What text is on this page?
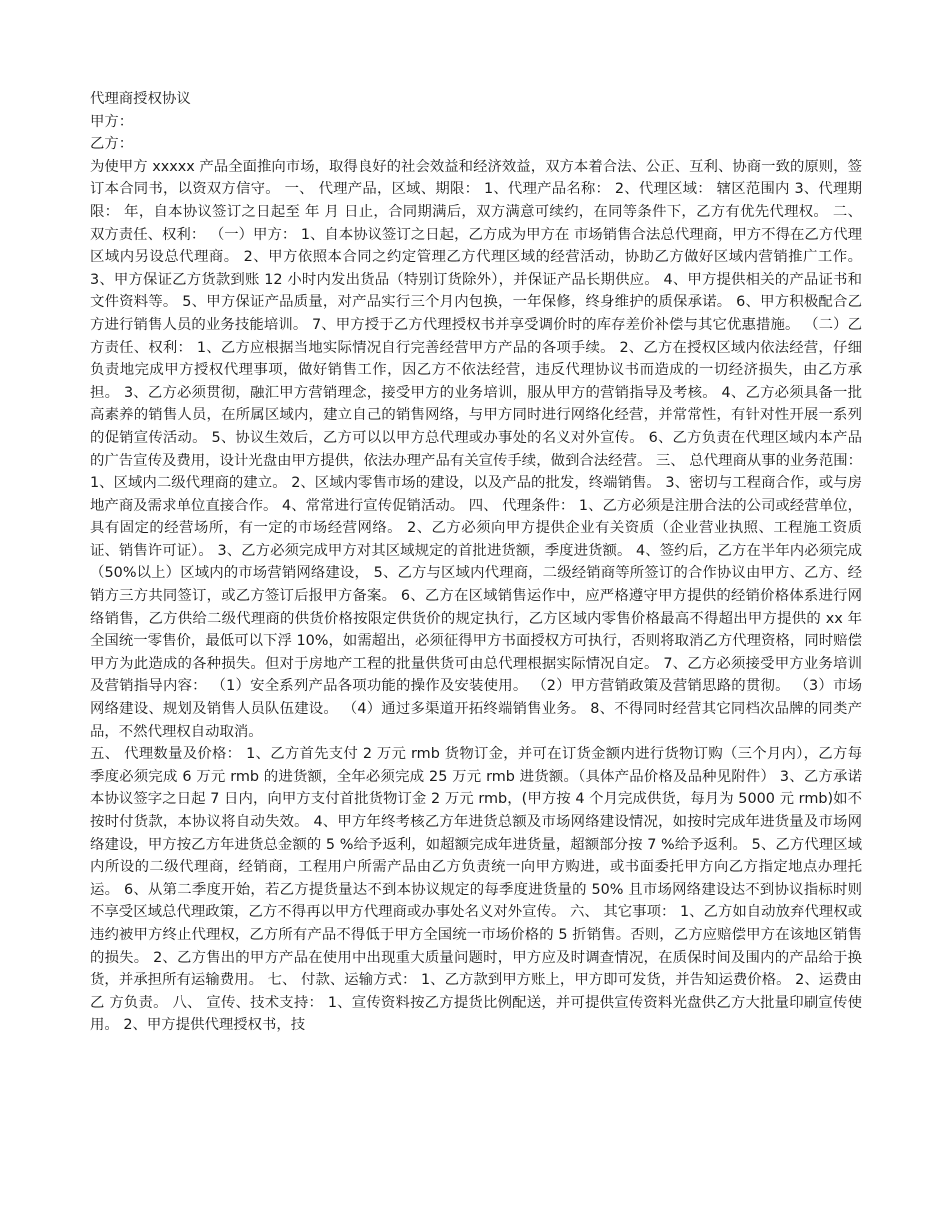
代理商授权协议
甲方：
乙方：
为使甲方 xxxxx 产品全面推向市场，取得良好的社会效益和经济效益，双方本着合法、公正、互利、协商一致的原则，签订本合同书，以资双方信守。 一、 代理产品，区域、期限： 1、代理产品名称： 2、代理区域： 辖区范围内 3、代理期限： 年，自本协议签订之日起至 年 月 日止，合同期满后，双方满意可续约，在同等条件下，乙方有优先代理权。 二、 双方责任、权利： （一）甲方： 1、自本协议签订之日起，乙方成为甲方在 市场销售合法总代理商，甲方不得在乙方代理区域内另设总代理商。 2、甲方依照本合同之约定管理乙方代理区域的经营活动，协助乙方做好区域内营销推广工作。 3、甲方保证乙方货款到账 12 小时内发出货品（特别订货除外），并保证产品长期供应。 4、甲方提供相关的产品证书和文件资料等。 5、甲方保证产品质量，对产品实行三个月内包换，一年保修，终身维护的质保承诺。 6、甲方积极配合乙方进行销售人员的业务技能培训。 7、甲方授于乙方代理授权书并享受调价时的库存差价补偿与其它优惠措施。 （二）乙方责任、权利： 1、乙方应根据当地实际情况自行完善经营甲方产品的各项手续。 2、乙方在授权区域内依法经营，仔细负责地完成甲方授权代理事项，做好销售工作，因乙方不依法经营，违反代理协议书而造成的一切经济损失，由乙方承担。 3、乙方必须贯彻，融汇甲方营销理念，接受甲方的业务培训，服从甲方的营销指导及考核。 4、乙方必须具备一批高素养的销售人员，在所属区域内，建立自己的销售网络，与甲方同时进行网络化经营，并常常性，有针对性开展一系列的促销宣传活动。 5、协议生效后，乙方可以以甲方总代理或办事处的名义对外宣传。 6、乙方负责在代理区域内本产品的广告宣传及费用，设计光盘由甲方提供，依法办理产品有关宣传手续，做到合法经营。 三、 总代理商从事的业务范围： 1、区域内二级代理商的建立。 2、区域内零售市场的建设，以及产品的批发，终端销售。 3、密切与工程商合作，或与房地产商及需求单位直接合作。 4、常常进行宣传促销活动。 四、 代理条件： 1、乙方必须是注册合法的公司或经营单位，具有固定的经营场所，有一定的市场经营网络。 2、乙方必须向甲方提供企业有关资质（企业营业执照、工程施工资质证、销售许可证）。 3、乙方必须完成甲方对其区域规定的首批进货额，季度进货额。 4、签约后，乙方在半年内必须完成（50%以上）区域内的市场营销网络建设， 5、乙方与区域内代理商，二级经销商等所签订的合作协议由甲方、乙方、经销方三方共同签订，或乙方签订后报甲方备案。 6、乙方在区域销售运作中，应严格遵守甲方提供的经销价格体系进行网络销售，乙方供给二级代理商的供货价格按限定供货价的规定执行，乙方区域内零售价格最高不得超出甲方提供的 xx 年全国统一零售价，最低可以下浮 10%，如需超出，必须征得甲方书面授权方可执行，否则将取消乙方代理资格，同时赔偿甲方为此造成的各种损失。但对于房地产工程的批量供货可由总代理根据实际情况自定。 7、乙方必须接受甲方业务培训及营销指导内容： （1）安全系列产品各项功能的操作及安装使用。 （2）甲方营销政策及营销思路的贯彻。 （3）市场网络建设、规划及销售人员队伍建设。 （4）通过多渠道开拓终端销售业务。 8、不得同时经营其它同档次品牌的同类产品，不然代理权自动取消。
五、 代理数量及价格： 1、乙方首先支付 2 万元 rmb 货物订金，并可在订货金额内进行货物订购（三个月内），乙方每季度必须完成 6 万元 rmb 的进货额，全年必须完成 25 万元 rmb 进货额。（具体产品价格及品种见附件） 3、乙方承诺本协议签字之日起 7 日内，向甲方支付首批货物订金 2 万元 rmb，(甲方按 4 个月完成供货，每月为 5000 元 rmb)如不按时付货款，本协议将自动失效。 4、甲方年终考核乙方年进货总额及市场网络建设情况，如按时完成年进货量及市场网络建设，甲方按乙方年进货总金额的 5 %给予返利，如超额完成年进货量，超额部分按 7 %给予返利。 5、乙方代理区域内所设的二级代理商，经销商，工程用户所需产品由乙方负责统一向甲方购进，或书面委托甲方向乙方指定地点办理托运。 6、从第二季度开始，若乙方提货量达不到本协议规定的每季度进货量的 50% 且市场网络建设达不到协议指标时则不享受区域总代理政策，乙方不得再以甲方代理商或办事处名义对外宣传。 六、 其它事项： 1、乙方如自动放弃代理权或违约被甲方终止代理权，乙方所有产品不得低于甲方全国统一市场价格的 5 折销售。否则，乙方应赔偿甲方在该地区销售的损失。 2、乙方售出的甲方产品在使用中出现重大质量问题时，甲方应及时调查情况，在质保时间及围内的产品给于换货，并承担所有运输费用。 七、 付款、运输方式： 1、乙方款到甲方账上，甲方即可发货，并告知运费价格。 2、运费由 乙 方负责。 八、 宣传、技术支持： 1、宣传资料按乙方提货比例配送，并可提供宣传资料光盘供乙方大批量印刷宣传使用。 2、甲方提供代理授权书，技
